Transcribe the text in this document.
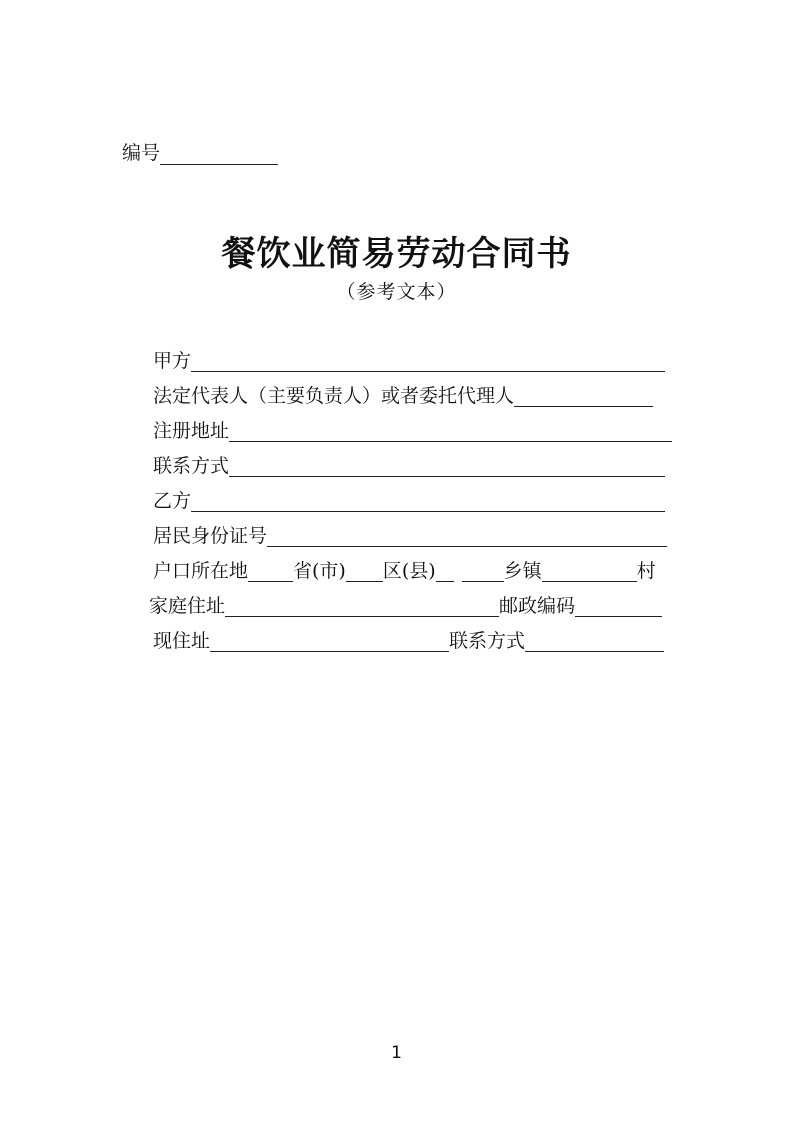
编号
餐饮业简易劳动合同书
（参考文本）
甲方
法定代表人（主要负责人）或者委托代理人
注册地址
联系方式
乙方
居民身份证号
户口所在地 省(市) 区(县)	乡镇	村
家庭住址	邮政编码
现住址	联系方式
1
